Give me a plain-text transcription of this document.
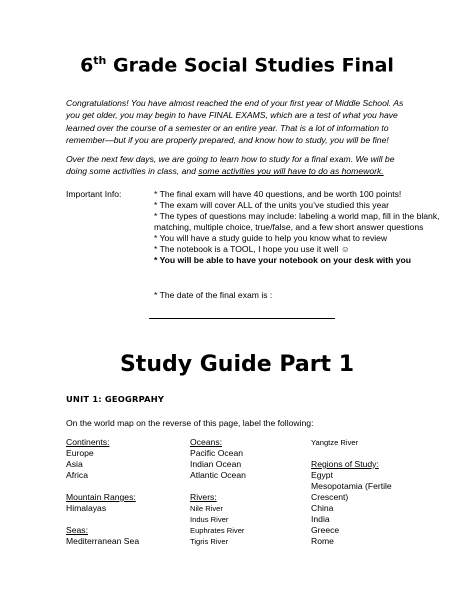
6th Grade Social Studies Final
Congratulations! You have almost reached the end of your first year of Middle School. As you get older, you may begin to have FINAL EXAMS, which are a test of what you have learned over the course of a semester or an entire year. That is a lot of information to remember—but if you are properly prepared, and know how to study, you will be fine!
Over the next few days, we are going to learn how to study for a final exam. We will be doing some activities in class, and some activities you will have to do as homework.
Important Info:	* The final exam will have 40 questions, and be worth 100 points!
* The exam will cover ALL of the units you’ve studied this year
* The types of questions may include: labeling a world map, fill in the blank, matching, multiple choice, true/false, and a few short answer questions
* You will have a study guide to help you know what to review
* The notebook is a TOOL, I hope you use it well ☺
* You will be able to have your notebook on your desk with you
* The date of the final exam is :
Study Guide Part 1
UNIT 1: GEOGRPAHY
On the world map on the reverse of this page, label the following:
Continents:
Europe
Asia
Africa
Mountain Ranges:
Himalayas
Seas:
Mediterranean Sea
Oceans:
Pacific Ocean
Indian Ocean
Atlantic Ocean
Rivers:
Nile River
Indus River
Euphrates River
Tigris River
Yangtze River
Regions of Study:
Egypt
Mesopotamia (Fertile Crescent)
China
India
Greece
Rome
